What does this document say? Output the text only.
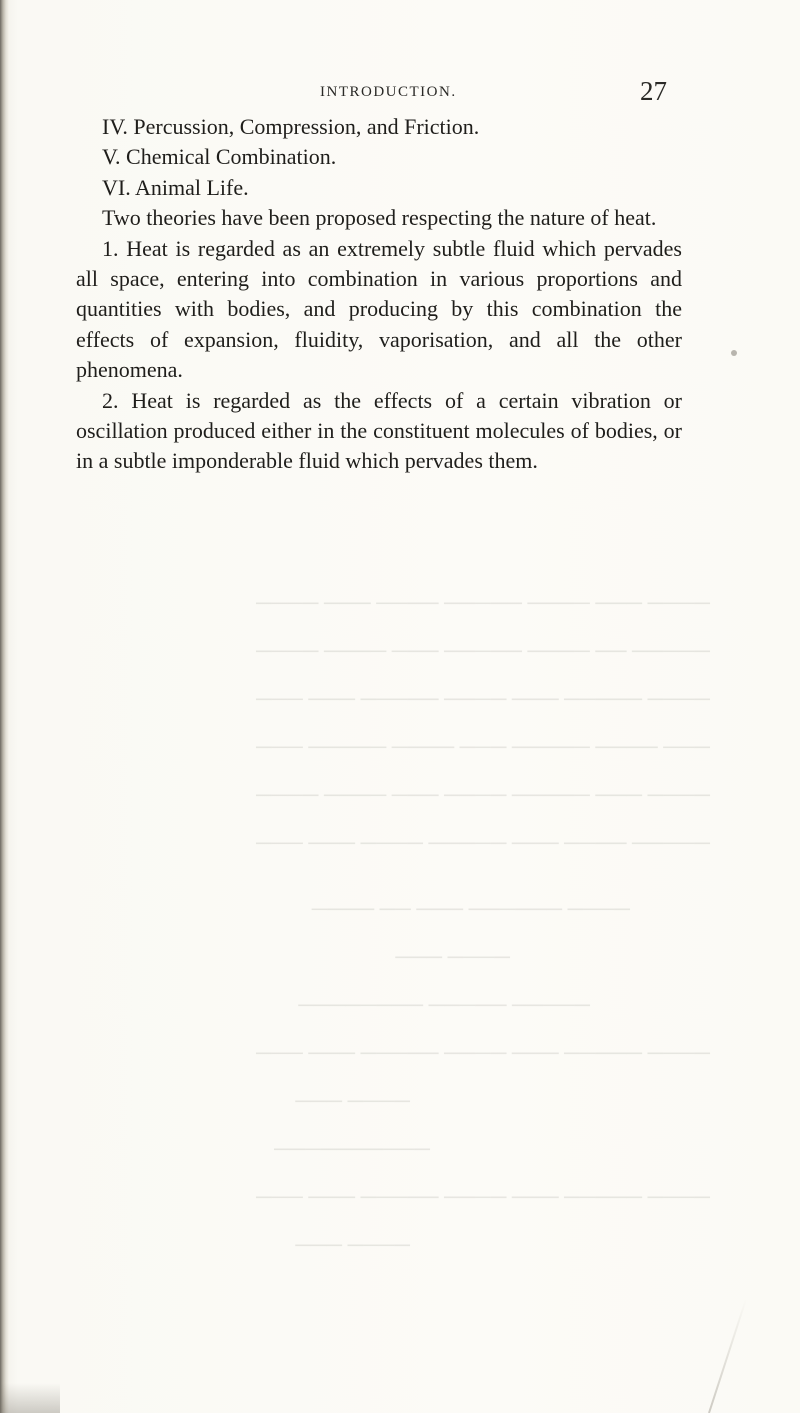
──── ─── ──── ───── ──── ─── ────
───── ── ──── ───── ─── ──── ────
──── ───── ─── ──── ───── ─── ───
─── ──── ───── ─── ──── ───── ───
──── ─── ───── ──── ─── ──── ────
───── ──── ─── ───── ──── ─── ───
──── ────── ─── ── ────
──── ───
───── ───── ────────
──── ───── ─── ──── ───── ─── ───
──── ───
──────────
──── ───── ─── ──── ───── ─── ───
──── ───
INTRODUCTION.	27

IV. Percussion, Compression, and Friction.

V. Chemical Combination.

VI. Animal Life.

Two theories have been proposed respecting the nature of heat.

1. Heat is regarded as an extremely subtle fluid which pervades all space, entering into combination in various proportions and quantities with bodies, and producing by this combination the effects of expansion, fluidity, vaporisation, and all the other phenomena.

2. Heat is regarded as the effects of a certain vibration or oscillation produced either in the constituent molecules of bodies, or in a subtle imponderable fluid which pervades them.
